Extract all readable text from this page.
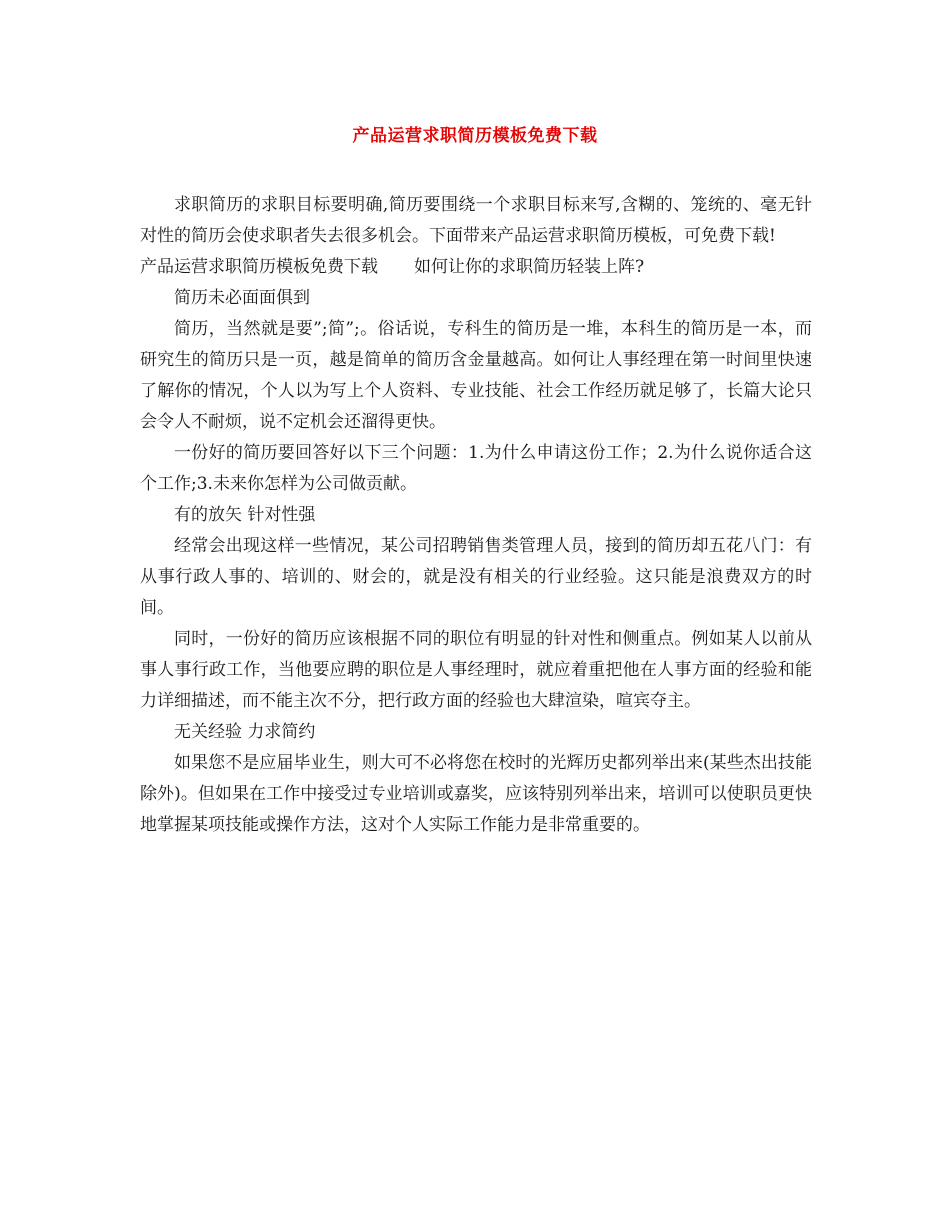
产品运营求职简历模板免费下载

求职简历的求职目标要明确,简历要围绕一个求职目标来写,含糊的、笼统的、毫无针对性的简历会使求职者失去很多机会。下面带来产品运营求职简历模板，可免费下载!

产品运营求职简历模板免费下载 如何让你的求职简历轻装上阵?

简历未必面面俱到

简历，当然就是要”;简”;。俗话说，专科生的简历是一堆，本科生的简历是一本，而研究生的简历只是一页，越是简单的简历含金量越高。如何让人事经理在第一时间里快速了解你的情况，个人以为写上个人资料、专业技能、社会工作经历就足够了，长篇大论只会令人不耐烦，说不定机会还溜得更快。

一份好的简历要回答好以下三个问题：1.为什么申请这份工作；2.为什么说你适合这个工作;3.未来你怎样为公司做贡献。

有的放矢 针对性强

经常会出现这样一些情况，某公司招聘销售类管理人员，接到的简历却五花八门：有从事行政人事的、培训的、财会的，就是没有相关的行业经验。这只能是浪费双方的时间。

同时，一份好的简历应该根据不同的职位有明显的针对性和侧重点。例如某人以前从事人事行政工作，当他要应聘的职位是人事经理时，就应着重把他在人事方面的经验和能力详细描述，而不能主次不分，把行政方面的经验也大肆渲染，喧宾夺主。

无关经验 力求简约

如果您不是应届毕业生，则大可不必将您在校时的光辉历史都列举出来(某些杰出技能除外)。但如果在工作中接受过专业培训或嘉奖，应该特别列举出来，培训可以使职员更快地掌握某项技能或操作方法，这对个人实际工作能力是非常重要的。
